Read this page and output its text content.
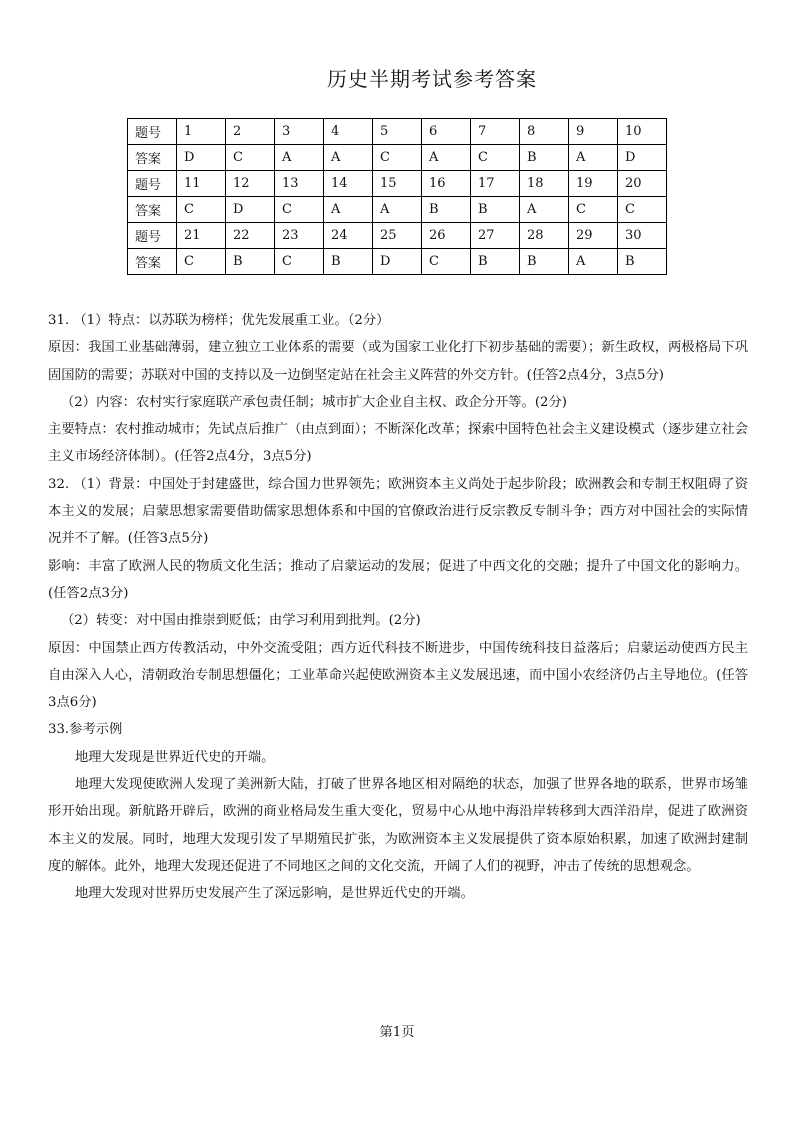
历史半期考试参考答案
题号	1	2	3	4	5	6	7	8	9	10
答案	D	C	A	A	C	A	C	B	A	D
题号	11	12	13	14	15	16	17	18	19	20
答案	C	D	C	A	A	B	B	A	C	C
题号	21	22	23	24	25	26	27	28	29	30
答案	C	B	C	B	D	C	B	B	A	B

31. （1）特点：以苏联为榜样；优先发展重工业。（2分）

原因：我国工业基础薄弱，建立独立工业体系的需要（或为国家工业化打下初步基础的需要）；新生政权，两极格局下巩固国防的需要；苏联对中国的支持以及一边倒坚定站在社会主义阵营的外交方针。(任答2点4分，3点5分)

（2）内容：农村实行家庭联产承包责任制；城市扩大企业自主权、政企分开等。(2分)

主要特点：农村推动城市；先试点后推广（由点到面）；不断深化改革；探索中国特色社会主义建设模式（逐步建立社会主义市场经济体制）。(任答2点4分，3点5分)

32. （1）背景：中国处于封建盛世，综合国力世界领先；欧洲资本主义尚处于起步阶段；欧洲教会和专制王权阻碍了资本主义的发展；启蒙思想家需要借助儒家思想体系和中国的官僚政治进行反宗教反专制斗争；西方对中国社会的实际情况并不了解。(任答3点5分)

影响：丰富了欧洲人民的物质文化生活；推动了启蒙运动的发展；促进了中西文化的交融；提升了中国文化的影响力。(任答2点3分)

（2）转变：对中国由推崇到贬低；由学习利用到批判。(2分)

原因：中国禁止西方传教活动，中外交流受阻；西方近代科技不断进步，中国传统科技日益落后；启蒙运动使西方民主自由深入人心，清朝政治专制思想僵化；工业革命兴起使欧洲资本主义发展迅速，而中国小农经济仍占主导地位。(任答3点6分)

33.参考示例

地理大发现是世界近代史的开端。

地理大发现使欧洲人发现了美洲新大陆，打破了世界各地区相对隔绝的状态，加强了世界各地的联系，世界市场雏形开始出现。新航路开辟后，欧洲的商业格局发生重大变化，贸易中心从地中海沿岸转移到大西洋沿岸，促进了欧洲资本主义的发展。同时，地理大发现引发了早期殖民扩张，为欧洲资本主义发展提供了资本原始积累，加速了欧洲封建制度的解体。此外，地理大发现还促进了不同地区之间的文化交流，开阔了人们的视野，冲击了传统的思想观念。

地理大发现对世界历史发展产生了深远影响，是世界近代史的开端。

第1页
